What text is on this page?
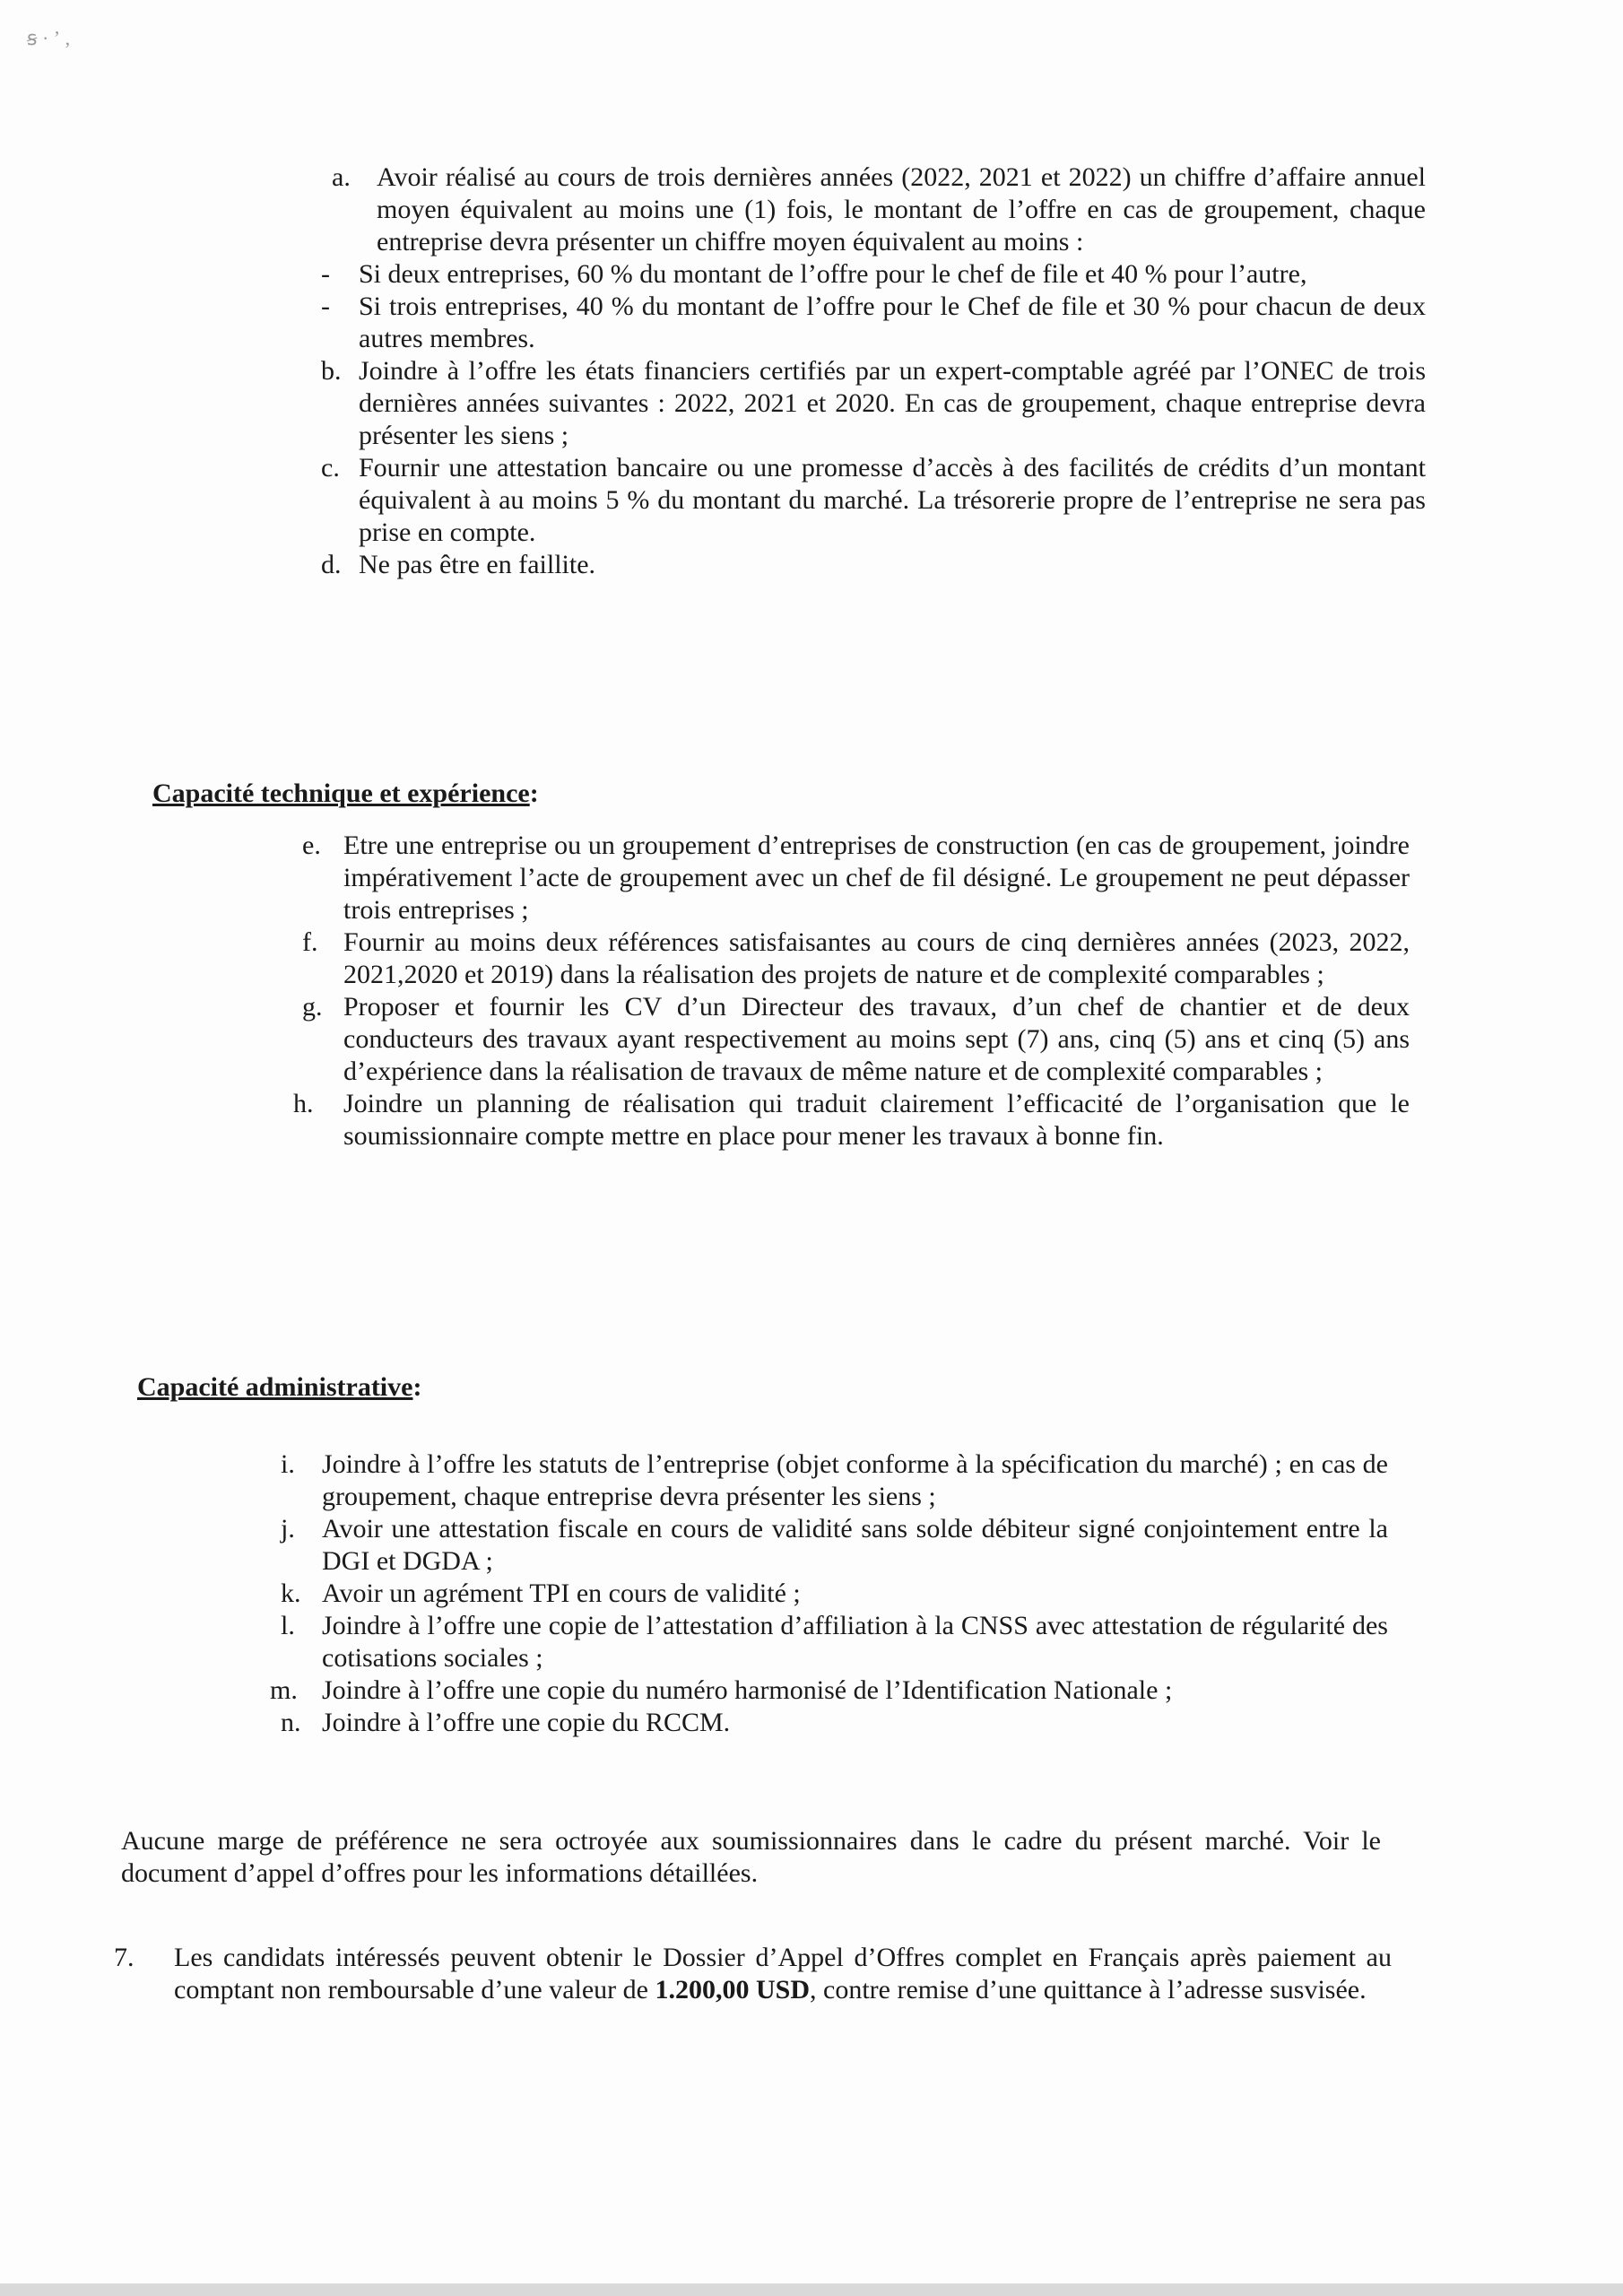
ꞩ · ʼ ,
a. Avoir réalisé au cours de trois dernières années (2022, 2021 et 2022) un chiffre d’affaire annuel moyen équivalent au moins une (1) fois, le montant de l’offre en cas de groupement, chaque entreprise devra présenter un chiffre moyen équivalent au moins :
- Si deux entreprises, 60 % du montant de l’offre pour le chef de file et 40 % pour l’autre,
- Si trois entreprises, 40 % du montant de l’offre pour le Chef de file et 30 % pour chacun de deux autres membres.
b. Joindre à l’offre les états financiers certifiés par un expert-comptable agréé par l’ONEC de trois dernières années suivantes : 2022, 2021 et 2020. En cas de groupement, chaque entreprise devra présenter les siens ;
c. Fournir une attestation bancaire ou une promesse d’accès à des facilités de crédits d’un montant équivalent à au moins 5 % du montant du marché. La trésorerie propre de l’entreprise ne sera pas prise en compte.
d. Ne pas être en faillite.
Capacité technique et expérience:
e. Etre une entreprise ou un groupement d’entreprises de construction (en cas de groupement, joindre impérativement l’acte de groupement avec un chef de fil désigné. Le groupement ne peut dépasser trois entreprises ;
f. Fournir au moins deux références satisfaisantes au cours de cinq dernières années (2023, 2022, 2021,2020 et 2019) dans la réalisation des projets de nature et de complexité comparables ;
g. Proposer et fournir les CV d’un Directeur des travaux, d’un chef de chantier et de deux conducteurs des travaux ayant respectivement au moins sept (7) ans, cinq (5) ans et cinq (5) ans d’expérience dans la réalisation de travaux de même nature et de complexité comparables ;
h. Joindre un planning de réalisation qui traduit clairement l’efficacité de l’organisation que le soumissionnaire compte mettre en place pour mener les travaux à bonne fin.
Capacité administrative:
i. Joindre à l’offre les statuts de l’entreprise (objet conforme à la spécification du marché) ; en cas de groupement, chaque entreprise devra présenter les siens ;
j. Avoir une attestation fiscale en cours de validité sans solde débiteur signé conjointement entre la DGI et DGDA ;
k. Avoir un agrément TPI en cours de validité ;
l. Joindre à l’offre une copie de l’attestation d’affiliation à la CNSS avec attestation de régularité des cotisations sociales ;
m. Joindre à l’offre une copie du numéro harmonisé de l’Identification Nationale ;
n. Joindre à l’offre une copie du RCCM.
Aucune marge de préférence ne sera octroyée aux soumissionnaires dans le cadre du présent marché. Voir le document d’appel d’offres pour les informations détaillées.
7. Les candidats intéressés peuvent obtenir le Dossier d’Appel d’Offres complet en Français après paiement au comptant non remboursable d’une valeur de 1.200,00 USD, contre remise d’une quittance à l’adresse susvisée.
